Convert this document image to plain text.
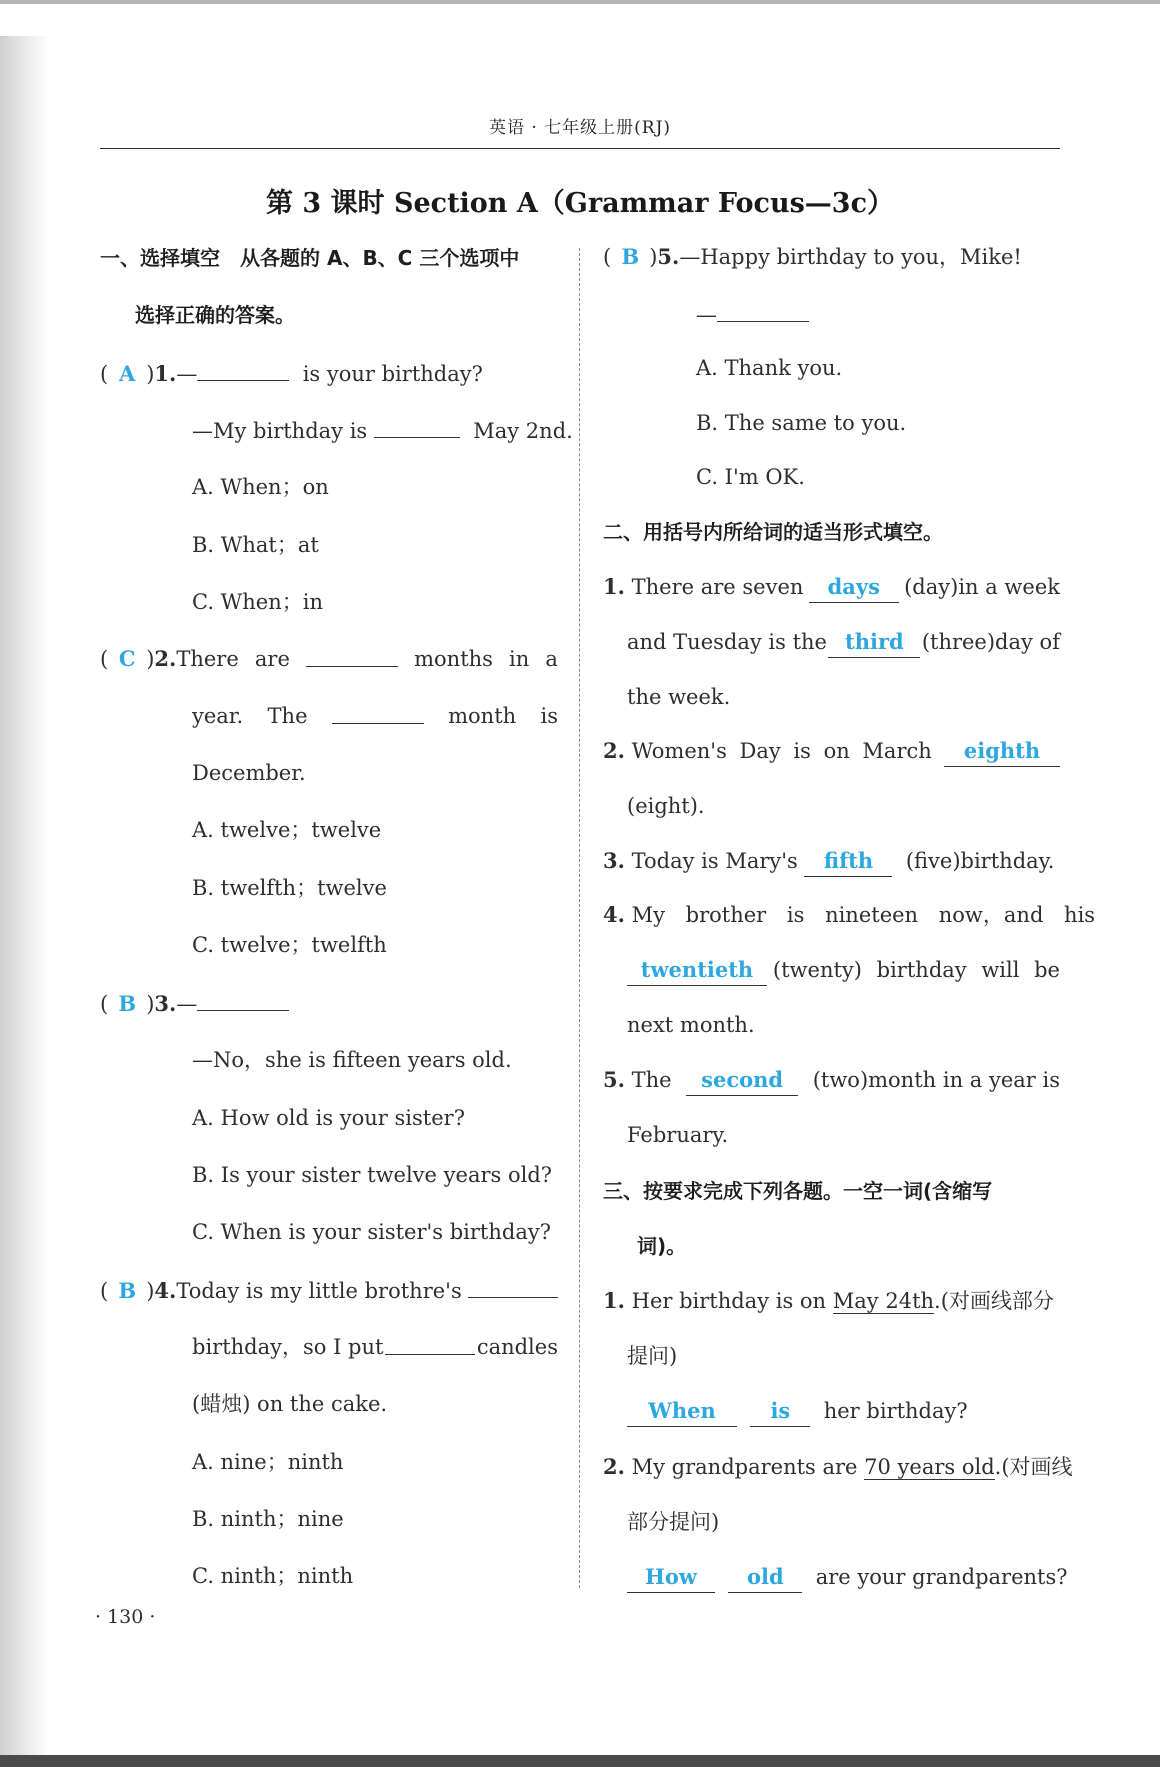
英语 · 七年级上册(RJ)
第 3 课时 Section A（Grammar Focus—3c）
一、选择填空　从各题的 A、B、C 三个选项中
选择正确的答案。
( A )1.—	is your birthday?
—My birthday is	May 2nd.
A. When；on
B. What；at
C. When；in
( C )2.There are	months in a
year. The	month is
December.
A. twelve；twelve
B. twelfth；twelve
C. twelve；twelfth
( B )3.—
—No，she is fifteen years old.
A. How old is your sister?
B. Is your sister twelve years old?
C. When is your sister's birthday?
( B )4.Today is my little brothre's
birthday，so I put	candles
(蜡烛) on the cake.
A. nine；ninth
B. ninth；nine
C. ninth；ninth
( B )5.—Happy birthday to you，Mike!
—
A. Thank you.
B. The same to you.
C. I'm OK.
二、用括号内所给词的适当形式填空。
1. There are seven	days	(day)in a week
and Tuesday is the third (three)day of
the week.
2. Women's Day is on March	eighth
(eight).
3. Today is Mary's fifth (five)birthday.
4. My brother is nineteen now，and his
twentieth (twenty) birthday will be
next month.
5. The	second	(two)month in a year is
February.
三、按要求完成下列各题。一空一词(含缩写
词)。
1. Her birthday is on May 24th.(对画线部分
提问)
When	is her birthday?
2. My grandparents are 70 years old.(对画线
部分提问)
How old are your grandparents?
· 130 ·
